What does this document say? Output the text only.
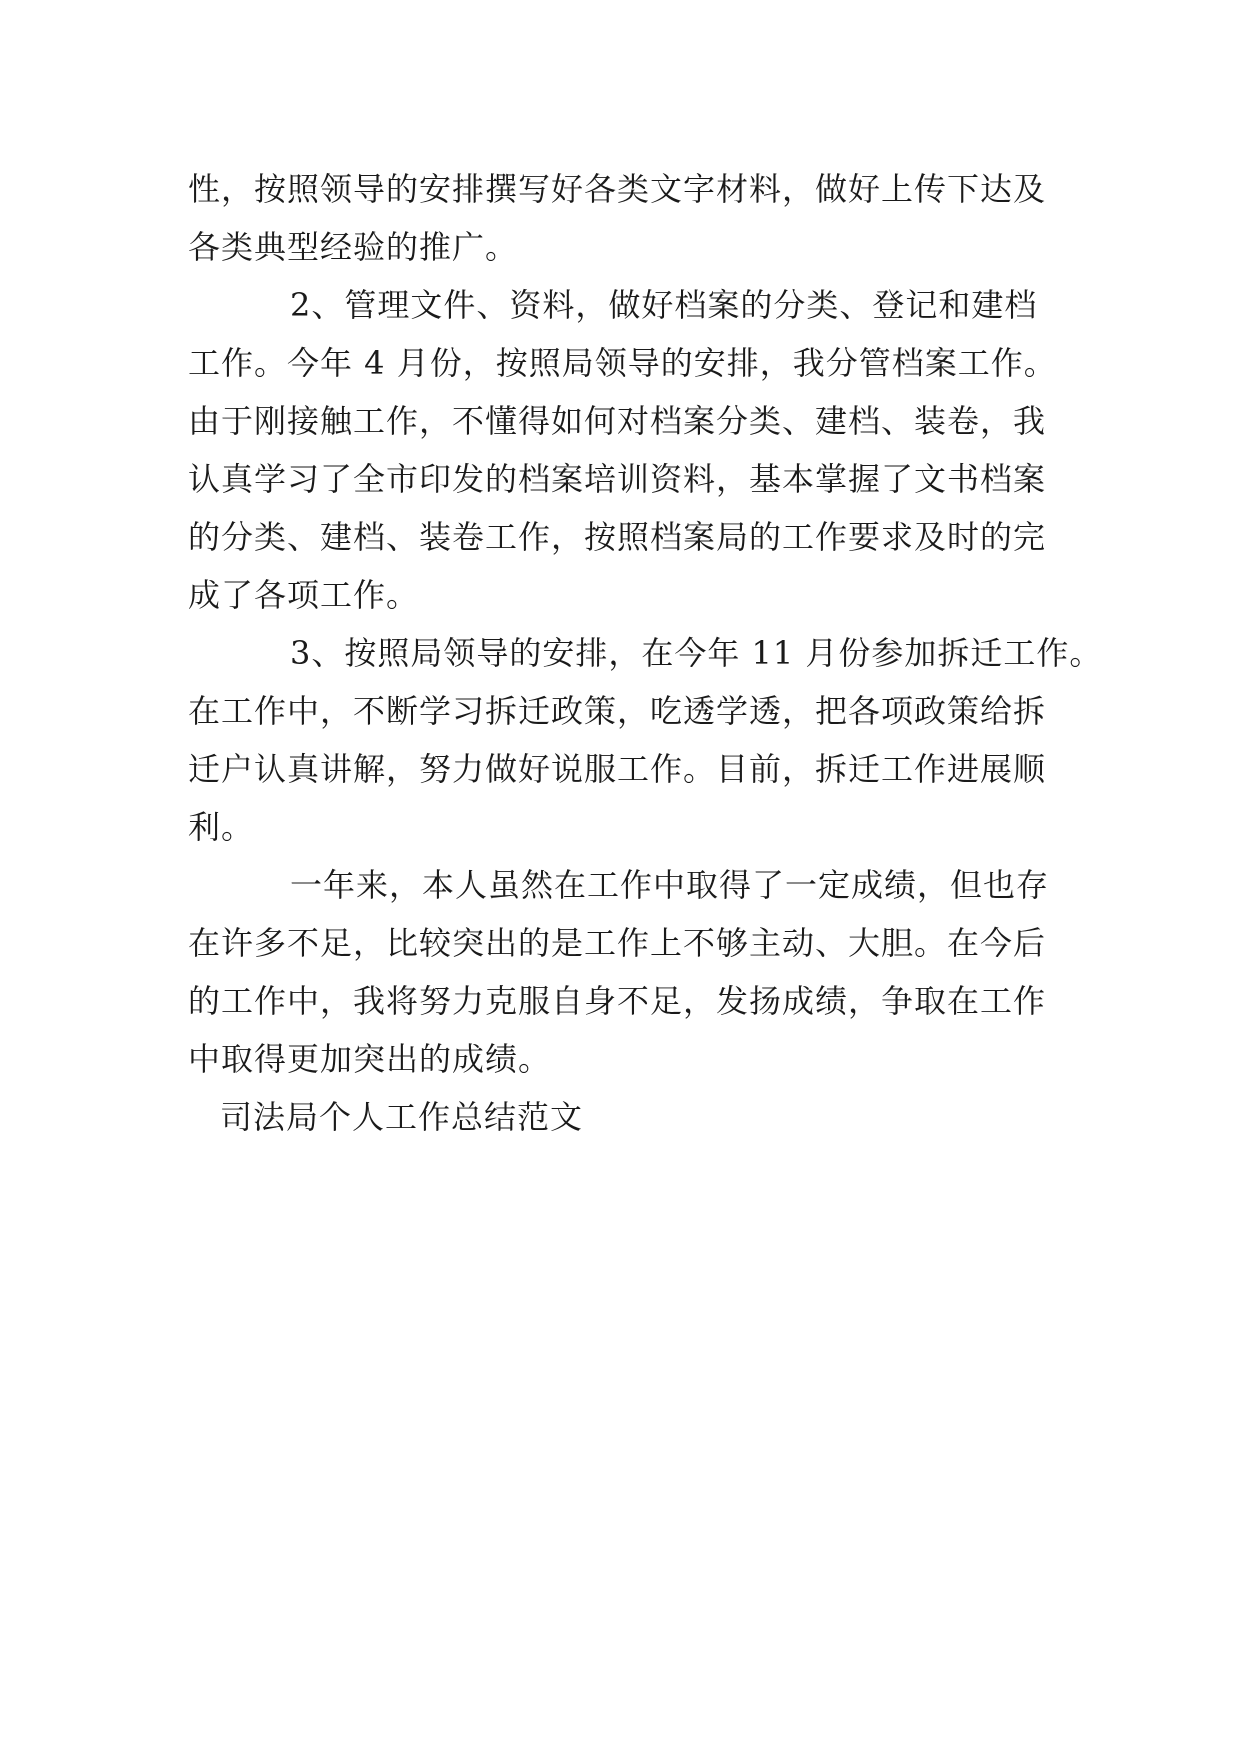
性，按照领导的安排撰写好各类文字材料，做好上传下达及
各类典型经验的推广。
2、管理文件、资料，做好档案的分类、登记和建档
工作。今年 4 月份，按照局领导的安排，我分管档案工作。
由于刚接触工作，不懂得如何对档案分类、建档、装卷，我
认真学习了全市印发的档案培训资料，基本掌握了文书档案
的分类、建档、装卷工作，按照档案局的工作要求及时的完
成了各项工作。
3、按照局领导的安排，在今年 11 月份参加拆迁工作。
在工作中，不断学习拆迁政策，吃透学透，把各项政策给拆
迁户认真讲解，努力做好说服工作。目前，拆迁工作进展顺
利。
一年来，本人虽然在工作中取得了一定成绩，但也存
在许多不足，比较突出的是工作上不够主动、大胆。在今后
的工作中，我将努力克服自身不足，发扬成绩，争取在工作
中取得更加突出的成绩。
司法局个人工作总结范文
